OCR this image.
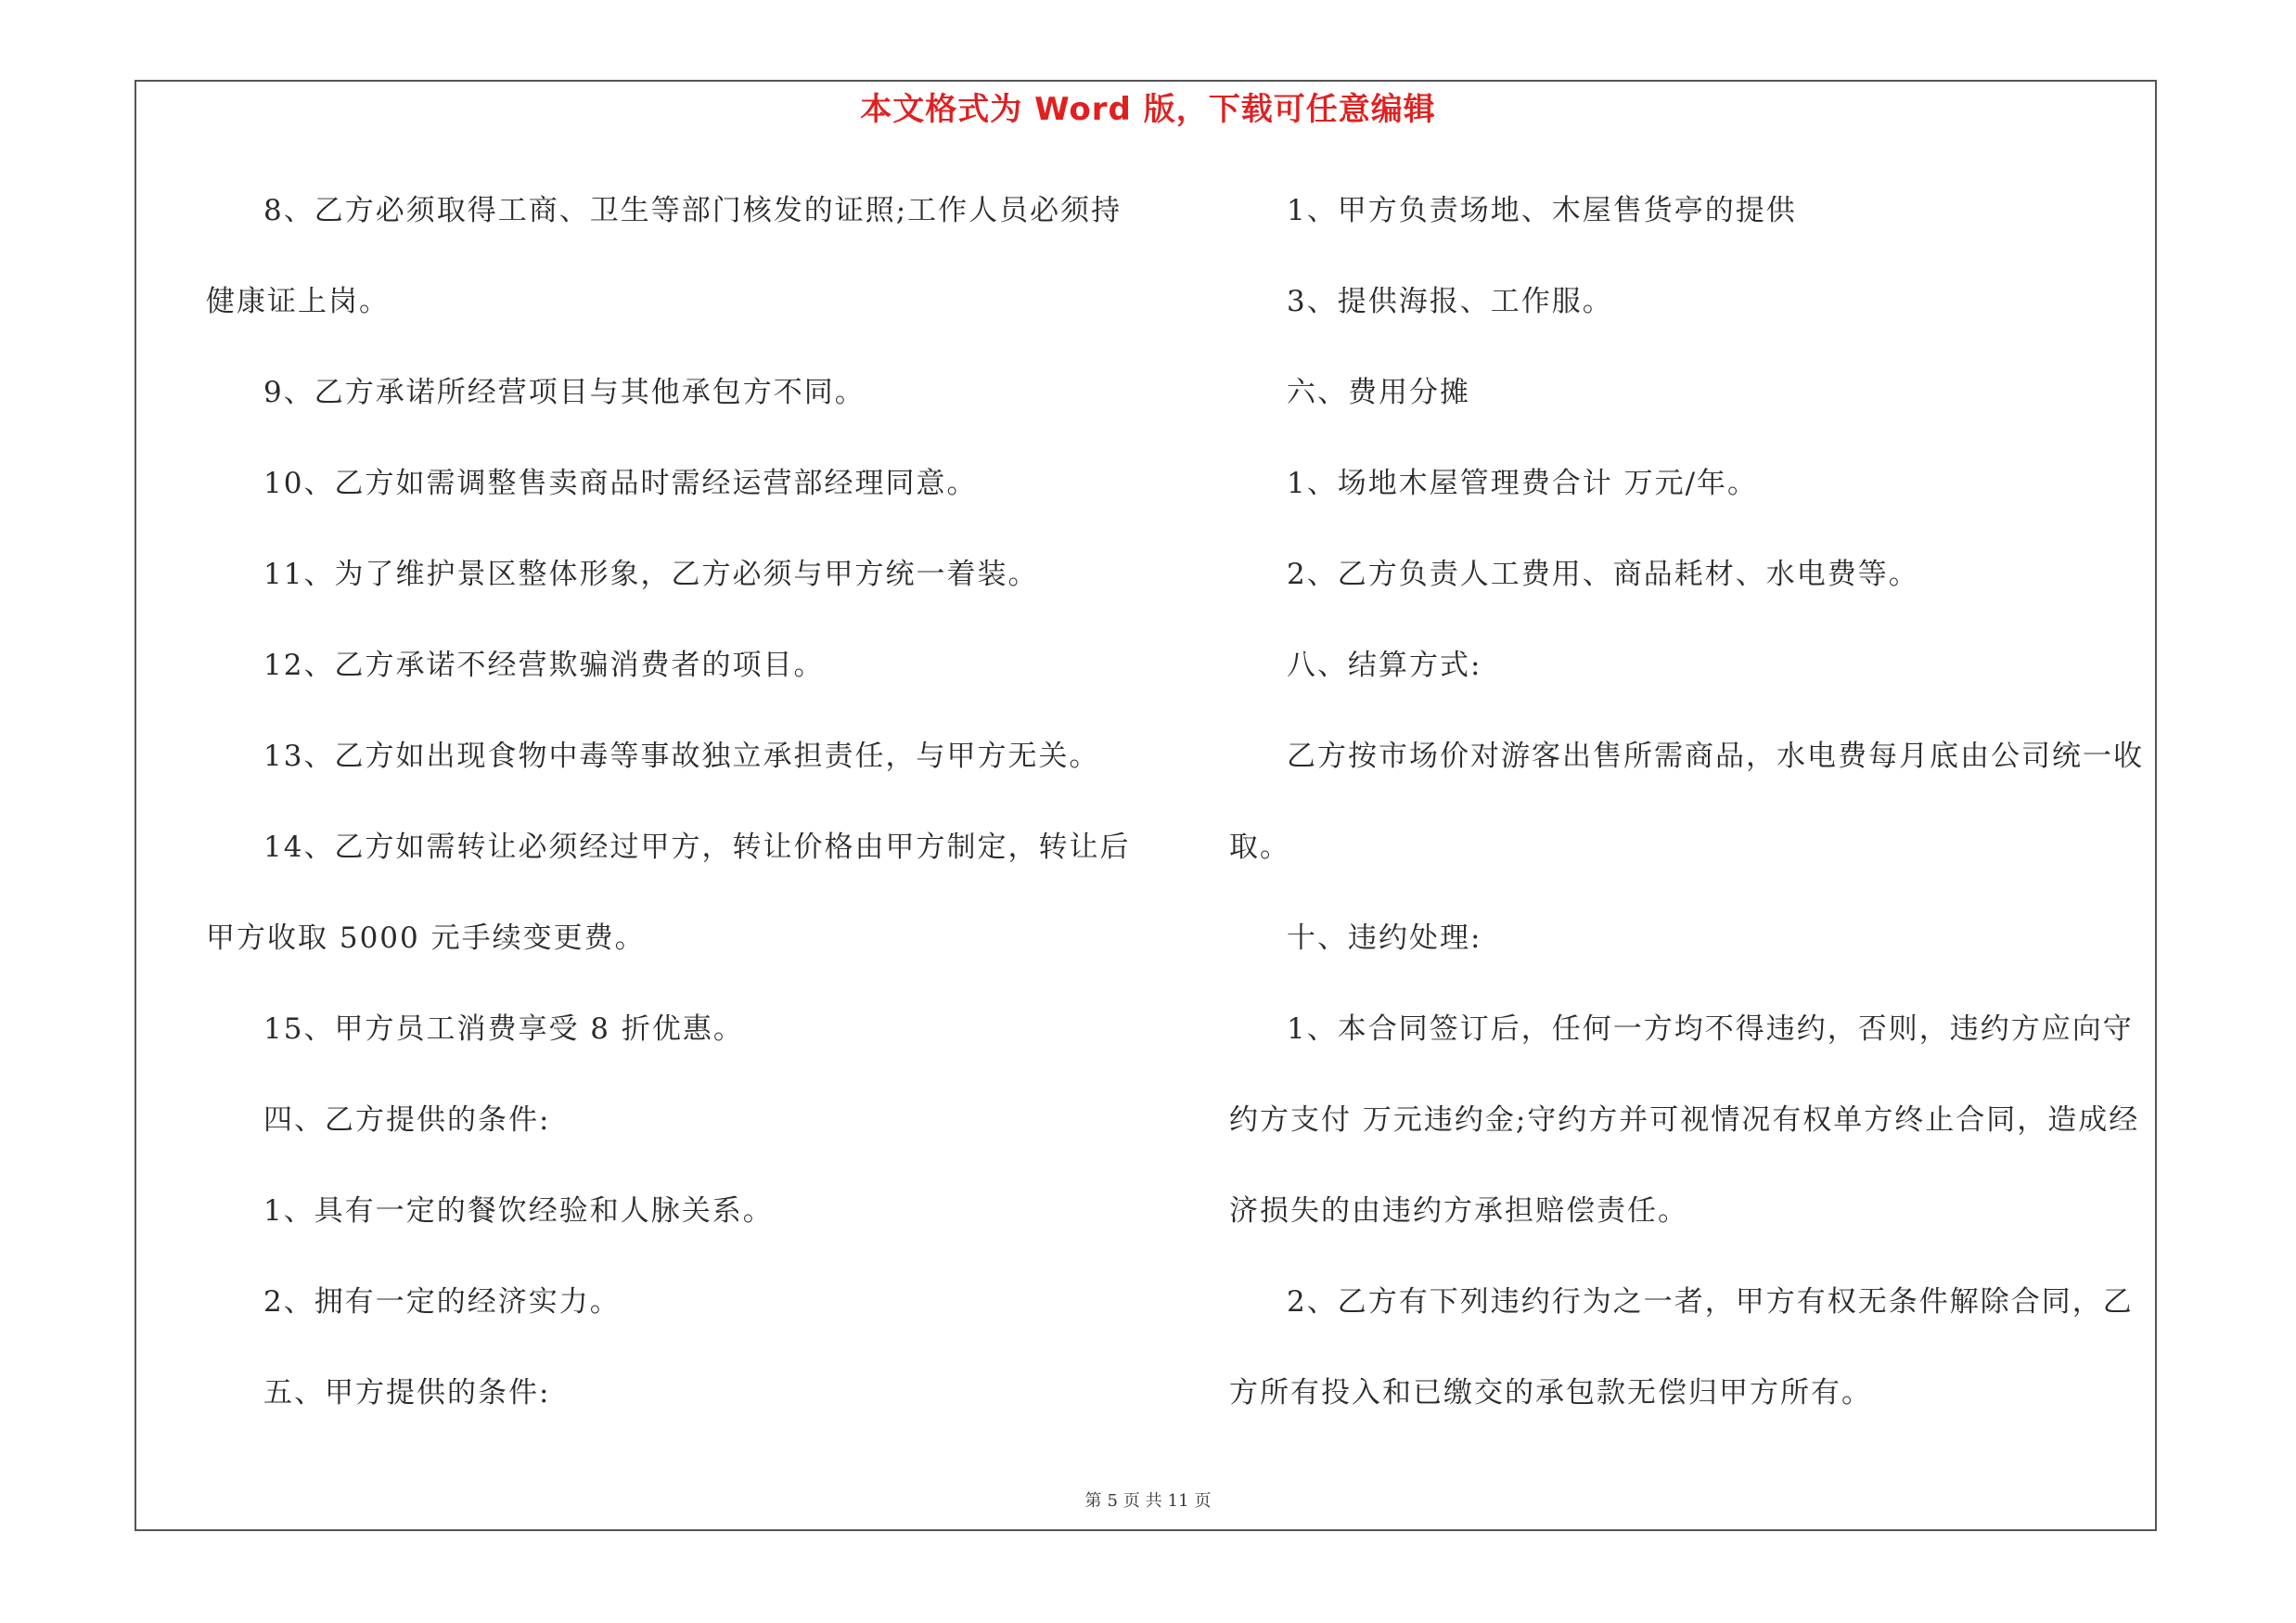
本文格式为 Word 版，下载可任意编辑
8、乙方必须取得工商、卫生等部门核发的证照;工作人员必须持
健康证上岗。
9、乙方承诺所经营项目与其他承包方不同。
10、乙方如需调整售卖商品时需经运营部经理同意。
11、为了维护景区整体形象，乙方必须与甲方统一着装。
12、乙方承诺不经营欺骗消费者的项目。
13、乙方如出现食物中毒等事故独立承担责任，与甲方无关。
14、乙方如需转让必须经过甲方，转让价格由甲方制定，转让后
甲方收取 5000 元手续变更费。
15、甲方员工消费享受 8 折优惠。
四、乙方提供的条件:
1、具有一定的餐饮经验和人脉关系。
2、拥有一定的经济实力。
五、甲方提供的条件:
1、甲方负责场地、木屋售货亭的提供
3、提供海报、工作服。
六、费用分摊
1、场地木屋管理费合计 万元/年。
2、乙方负责人工费用、商品耗材、水电费等。
八、结算方式:
乙方按市场价对游客出售所需商品，水电费每月底由公司统一收
取。
十、违约处理:
1、本合同签订后，任何一方均不得违约，否则，违约方应向守
约方支付 万元违约金;守约方并可视情况有权单方终止合同，造成经
济损失的由违约方承担赔偿责任。
2、乙方有下列违约行为之一者，甲方有权无条件解除合同，乙
方所有投入和已缴交的承包款无偿归甲方所有。
第 5 页 共 11 页
